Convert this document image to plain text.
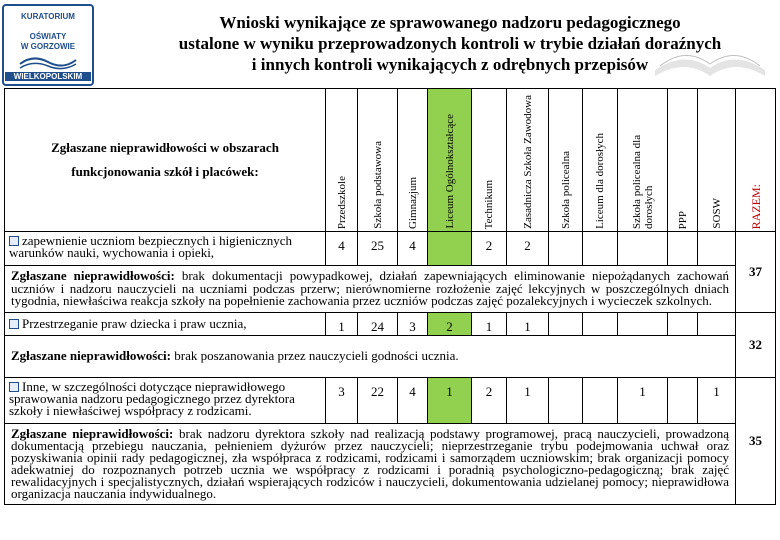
KURATORIUM
OŚWIATY
W GORZOWIE
WIELKOPOLSKIM
Wnioski wynikające ze sprawowanego nadzoru pedagogicznego
ustalone w wyniku przeprowadzonych kontroli w trybie działań doraźnych
i innych kontroli wynikających z odrębnych przepisów
Zgłaszane nieprawidłowości w obszarach funkcjonowania szkół i placówek:	Przedszkole	Szkoła podstawowa	Gimnazjum	Liceum Ogólnokształcące	Technikum	Zasadnicza Szkoła Zawodowa	Szkoła policealna	Liceum dla dorosłych	Szkoła policealna dla dorosłych	PPP	SOSW	RAZEM:

zapewnienie uczniom bezpiecznych i higienicznych warunków nauki, wychowania i opieki,	4	25	4		2	2						37
Zgłaszane nieprawidłowości: brak dokumentacji powypadkowej, działań zapewniających eliminowanie niepożądanych zachowań uczniów i nadzoru nauczycieli na uczniami podczas przerw; nierównomierne rozłożenie zajęć lekcyjnych w poszczególnych dniach tygodnia, niewłaściwa reakcja szkoły na popełnienie zachowania przez uczniów podczas zajęć pozalekcyjnych i wycieczek szkolnych.												
Przestrzeganie praw dziecka i praw ucznia,	1	24	3	2	1	1						32
Zgłaszane nieprawidłowości: brak poszanowania przez nauczycieli godności ucznia.												
Inne, w szczególności dotyczące nieprawidłowego sprawowania nadzoru pedagogicznego przez dyrektora szkoły i niewłaściwej współpracy z rodzicami.	3	22	4	1	2	1			1		1	35
Zgłaszane nieprawidłowości: brak nadzoru dyrektora szkoły nad realizacją podstawy programowej, pracą nauczycieli, prowadzoną dokumentacją przebiegu nauczania, pełnieniem dyżurów przez nauczycieli; nieprzestrzeganie trybu podejmowania uchwał oraz pozyskiwania opinii rady pedagogicznej, zła współpraca z rodzicami, rodzicami i samorządem uczniowskim; brak organizacji pomocy adekwatniej do rozpoznanych potrzeb ucznia we współpracy z rodzicami i poradnią psychologiczno-pedagogiczną; brak zajęć rewalidacyjnych i specjalistycznych, działań wspierających rodziców i nauczycieli, dokumentowania udzielanej pomocy; nieprawidłowa organizacja nauczania indywidualnego.												
